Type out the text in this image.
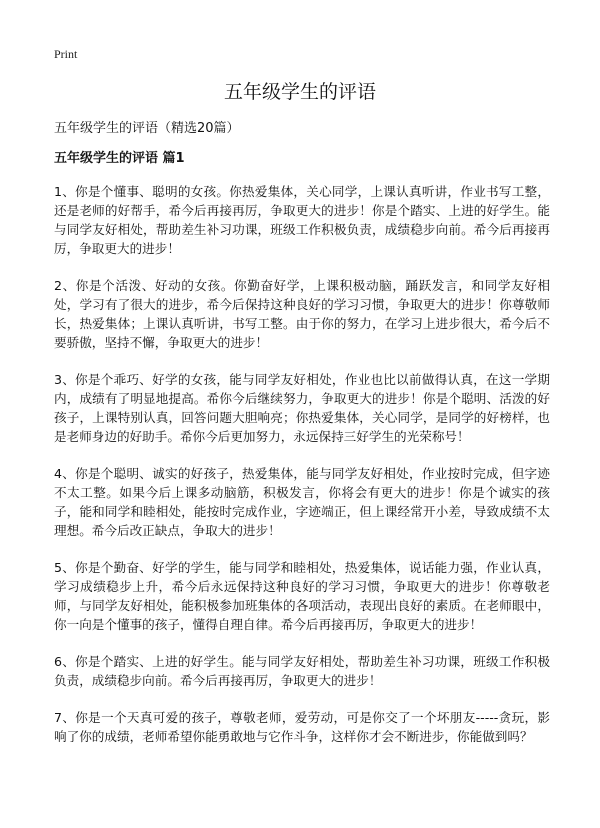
Print
五年级学生的评语

五年级学生的评语（精选20篇）

五年级学生的评语 篇1

1、你是个懂事、聪明的女孩。你热爱集体，关心同学，上课认真听讲，作业书写工整，还是老师的好帮手，希今后再接再厉，争取更大的进步！你是个踏实、上进的好学生。能与同学友好相处，帮助差生补习功课，班级工作积极负责，成绩稳步向前。希今后再接再厉，争取更大的进步！

2、你是个活泼、好动的女孩。你勤奋好学，上课积极动脑，踊跃发言，和同学友好相处，学习有了很大的进步，希今后保持这种良好的学习习惯，争取更大的进步！你尊敬师长，热爱集体；上课认真听讲，书写工整。由于你的努力，在学习上进步很大，希今后不要骄傲，坚持不懈，争取更大的进步！

3、你是个乖巧、好学的女孩，能与同学友好相处，作业也比以前做得认真，在这一学期内，成绩有了明显地提高。希你今后继续努力，争取更大的进步！你是个聪明、活泼的好孩子，上课特别认真，回答问题大胆响亮；你热爱集体，关心同学，是同学的好榜样，也是老师身边的好助手。希你今后更加努力，永远保持三好学生的光荣称号！

4、你是个聪明、诚实的好孩子，热爱集体，能与同学友好相处，作业按时完成，但字迹不太工整。如果今后上课多动脑筋，积极发言，你将会有更大的进步！你是个诚实的孩子，能和同学和睦相处，能按时完成作业，字迹端正，但上课经常开小差，导致成绩不太理想。希今后改正缺点，争取大的进步！

5、你是个勤奋、好学的学生，能与同学和睦相处，热爱集体，说话能力强，作业认真，学习成绩稳步上升，希今后永远保持这种良好的学习习惯，争取更大的进步！你尊敬老师，与同学友好相处，能积极参加班集体的各项活动，表现出良好的素质。在老师眼中，你一向是个懂事的孩子，懂得自理自律。希今后再接再厉，争取更大的进步！

6、你是个踏实、上进的好学生。能与同学友好相处，帮助差生补习功课，班级工作积极负责，成绩稳步向前。希今后再接再厉，争取更大的进步！

7、你是一个天真可爱的孩子，尊敬老师，爱劳动，可是你交了一个坏朋友-----贪玩，影响了你的成绩，老师希望你能勇敢地与它作斗争，这样你才会不断进步，你能做到吗？
